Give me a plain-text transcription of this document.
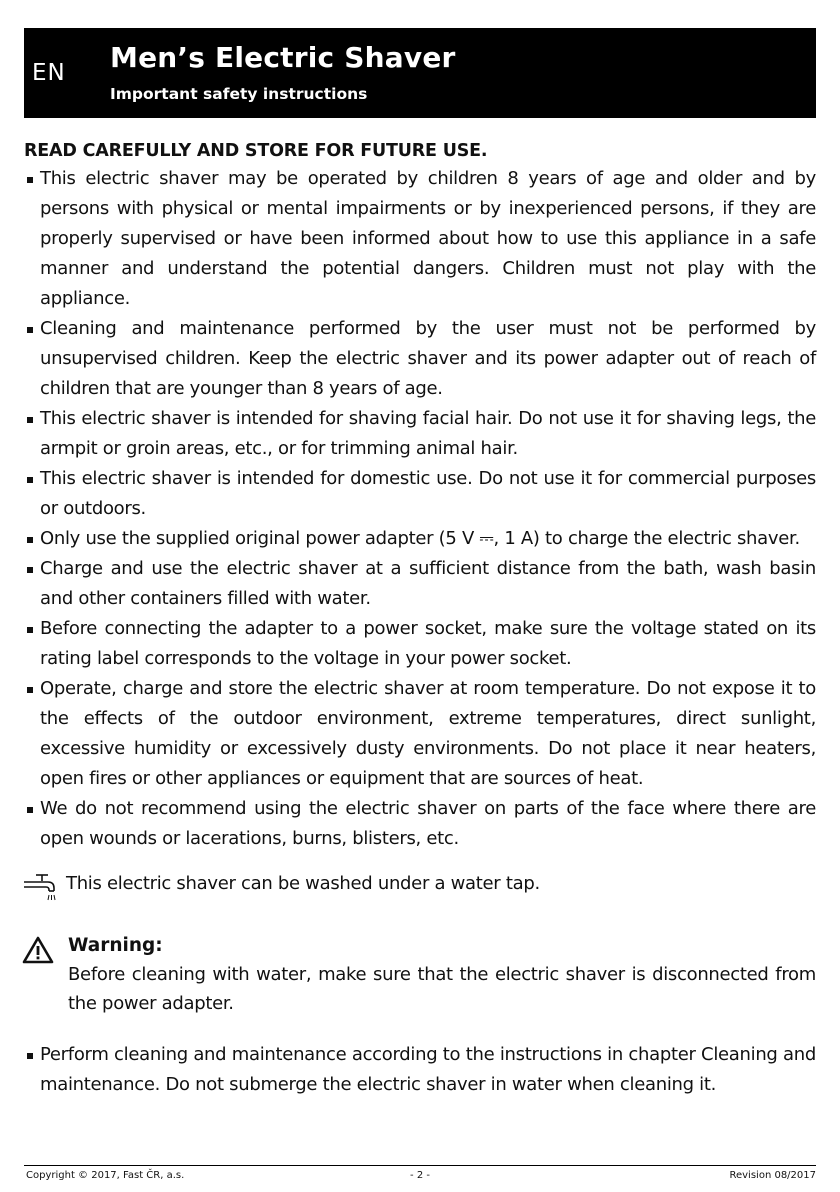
EN Men’s Electric Shaver
Important safety instructions

READ CAREFULLY AND STORE FOR FUTURE USE.

This electric shaver may be operated by children 8 years of age and older and by persons with physical or mental impairments or by inexperienced persons, if they are properly supervised or have been informed about how to use this appliance in a safe manner and understand the potential dangers. Children must not play with the appliance.
Cleaning and maintenance performed by the user must not be performed by unsupervised children. Keep the electric shaver and its power adapter out of reach of children that are younger than 8 years of age.
This electric shaver is intended for shaving facial hair. Do not use it for shaving legs, the armpit or groin areas, etc., or for trimming animal hair.
This electric shaver is intended for domestic use. Do not use it for commercial purposes or outdoors.
Only use the supplied original power adapter (5 V ⎓, 1 A) to charge the electric shaver.
Charge and use the electric shaver at a sufficient distance from the bath, wash basin and other containers filled with water.
Before connecting the adapter to a power socket, make sure the voltage stated on its rating label corresponds to the voltage in your power socket.
Operate, charge and store the electric shaver at room temperature. Do not expose it to the effects of the outdoor environment, extreme temperatures, direct sunlight, excessive humidity or excessively dusty environments. Do not place it near heaters, open fires or other appliances or equipment that are sources of heat.
We do not recommend using the electric shaver on parts of the face where there are open wounds or lacerations, burns, blisters, etc.
This electric shaver can be washed under a water tap.
Warning:
Before cleaning with water, make sure that the electric shaver is disconnected from the power adapter.
Perform cleaning and maintenance according to the instructions in chapter Cleaning and maintenance. Do not submerge the electric shaver in water when cleaning it.
Copyright © 2017, Fast ČR, a.s.	- 2 -	Revision 08/2017
